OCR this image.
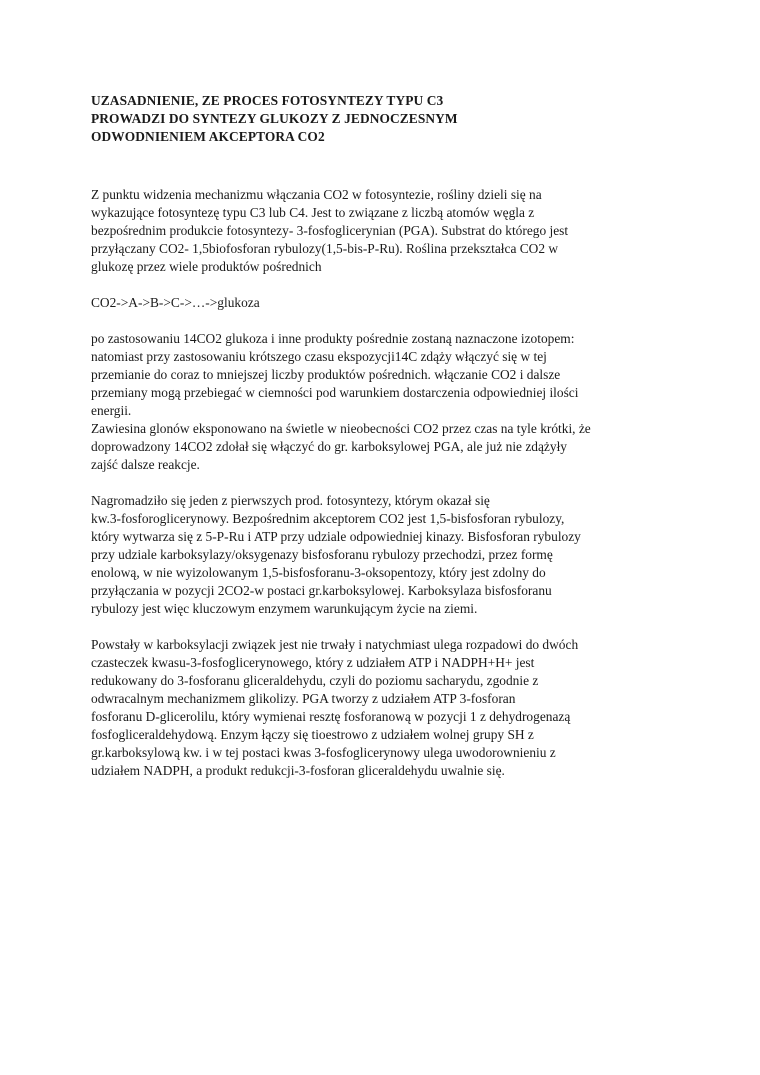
UZASADNIENIE, ZE PROCES FOTOSYNTEZY TYPU C3
PROWADZI DO SYNTEZY GLUKOZY Z JEDNOCZESNYM
ODWODNIENIEM AKCEPTORA CO2
Z punktu widzenia mechanizmu włączania CO2 w fotosyntezie, rośliny dzieli się na
wykazujące fotosyntezę typu C3 lub C4. Jest to związane z liczbą atomów węgla z
bezpośrednim produkcie fotosyntezy- 3-fosfoglicerynian (PGA). Substrat do którego jest
przyłączany CO2- 1,5biofosforan rybulozy(1,5-bis-P-Ru). Roślina przekształca CO2 w
glukozę przez wiele produktów pośrednich
CO2->A->B->C->…->glukoza
po zastosowaniu 14CO2 glukoza i inne produkty pośrednie zostaną naznaczone izotopem:
natomiast przy zastosowaniu krótszego czasu ekspozycji14C zdąży włączyć się w tej
przemianie do coraz to mniejszej liczby produktów pośrednich. włączanie CO2 i dalsze
przemiany mogą przebiegać w ciemności pod warunkiem dostarczenia odpowiedniej ilości
energii.
Zawiesina glonów eksponowano na świetle w nieobecności CO2 przez czas na tyle krótki, że
doprowadzony 14CO2 zdołał się włączyć do gr. karboksylowej PGA, ale już nie zdążyły
zajść dalsze reakcje.
Nagromadziło się jeden z pierwszych prod. fotosyntezy, którym okazał się
kw.3-fosforoglicerynowy. Bezpośrednim akceptorem CO2 jest 1,5-bisfosforan rybulozy,
który wytwarza się z 5-P-Ru i ATP przy udziale odpowiedniej kinazy. Bisfosforan rybulozy
przy udziale karboksylazy/oksygenazy bisfosforanu rybulozy przechodzi, przez formę
enolową, w nie wyizolowanym 1,5-bisfosforanu-3-oksopentozy, który jest zdolny do
przyłączania w pozycji 2CO2-w postaci gr.karboksylowej. Karboksylaza bisfosforanu
rybulozy jest więc kluczowym enzymem warunkującym życie na ziemi.
Powstały w karboksylacji związek jest nie trwały i natychmiast ulega rozpadowi do dwóch
czasteczek kwasu-3-fosfoglicerynowego, który z udziałem ATP i NADPH+H+ jest
redukowany do 3-fosforanu gliceraldehydu, czyli do poziomu sacharydu, zgodnie z
odwracalnym mechanizmem glikolizy. PGA tworzy z udziałem ATP 3-fosforan
fosforanu D-glicerolilu, który wymienai resztę fosforanową w pozycji 1 z dehydrogenazą
fosfogliceraldehydową. Enzym łączy się tioestrowo z udziałem wolnej grupy SH z
gr.karboksylową kw. i w tej postaci kwas 3-fosfoglicerynowy ulega uwodorownieniu z
udziałem NADPH, a produkt redukcji-3-fosforan gliceraldehydu uwalnie się.
